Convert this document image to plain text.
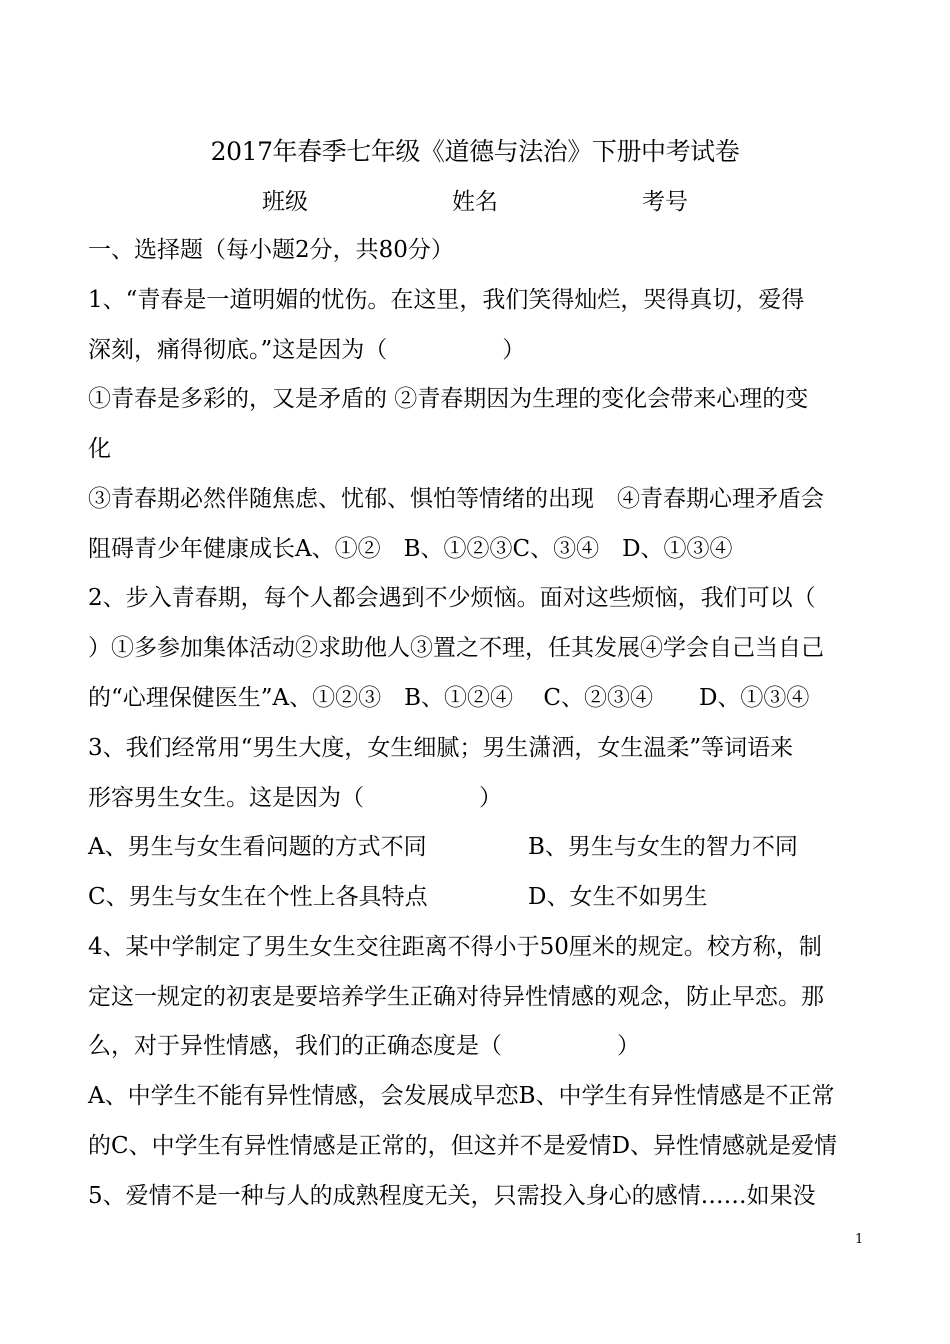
2017年春季七年级《道德与法治》下册中考试卷
班级	姓名	考号
一、选择题（每小题2分，共80分）
1、“青春是一道明媚的忧伤。在这里，我们笑得灿烂，哭得真切，爱得
深刻，痛得彻底。”这是因为（　　　　　）
①青春是多彩的，又是矛盾的 ②青春期因为生理的变化会带来心理的变
化
③青春期必然伴随焦虑、忧郁、惧怕等情绪的出现　④青春期心理矛盾会
阻碍青少年健康成长A、①②　B、①②③C、③④　D、①③④
2、步入青春期，每个人都会遇到不少烦恼。面对这些烦恼，我们可以（
）①多参加集体活动②求助他人③置之不理，任其发展④学会自己当自己
的“心理保健医生”A、①②③　B、①②④　 C、②③④　　D、①③④
3、我们经常用“男生大度，女生细腻；男生潇洒，女生温柔”等词语来
形容男生女生。这是因为（　　　　　）
A、男生与女生看问题的方式不同	B、男生与女生的智力不同
C、男生与女生在个性上各具特点	D、女生不如男生
4、某中学制定了男生女生交往距离不得小于50厘米的规定。校方称，制
定这一规定的初衷是要培养学生正确对待异性情感的观念，防止早恋。那
么，对于异性情感，我们的正确态度是（　　　　　）
A、中学生不能有异性情感，会发展成早恋B、中学生有异性情感是不正常
的C、中学生有异性情感是正常的，但这并不是爱情D、异性情感就是爱情
5、爱情不是一种与人的成熟程度无关，只需投入身心的感情……如果没
1
